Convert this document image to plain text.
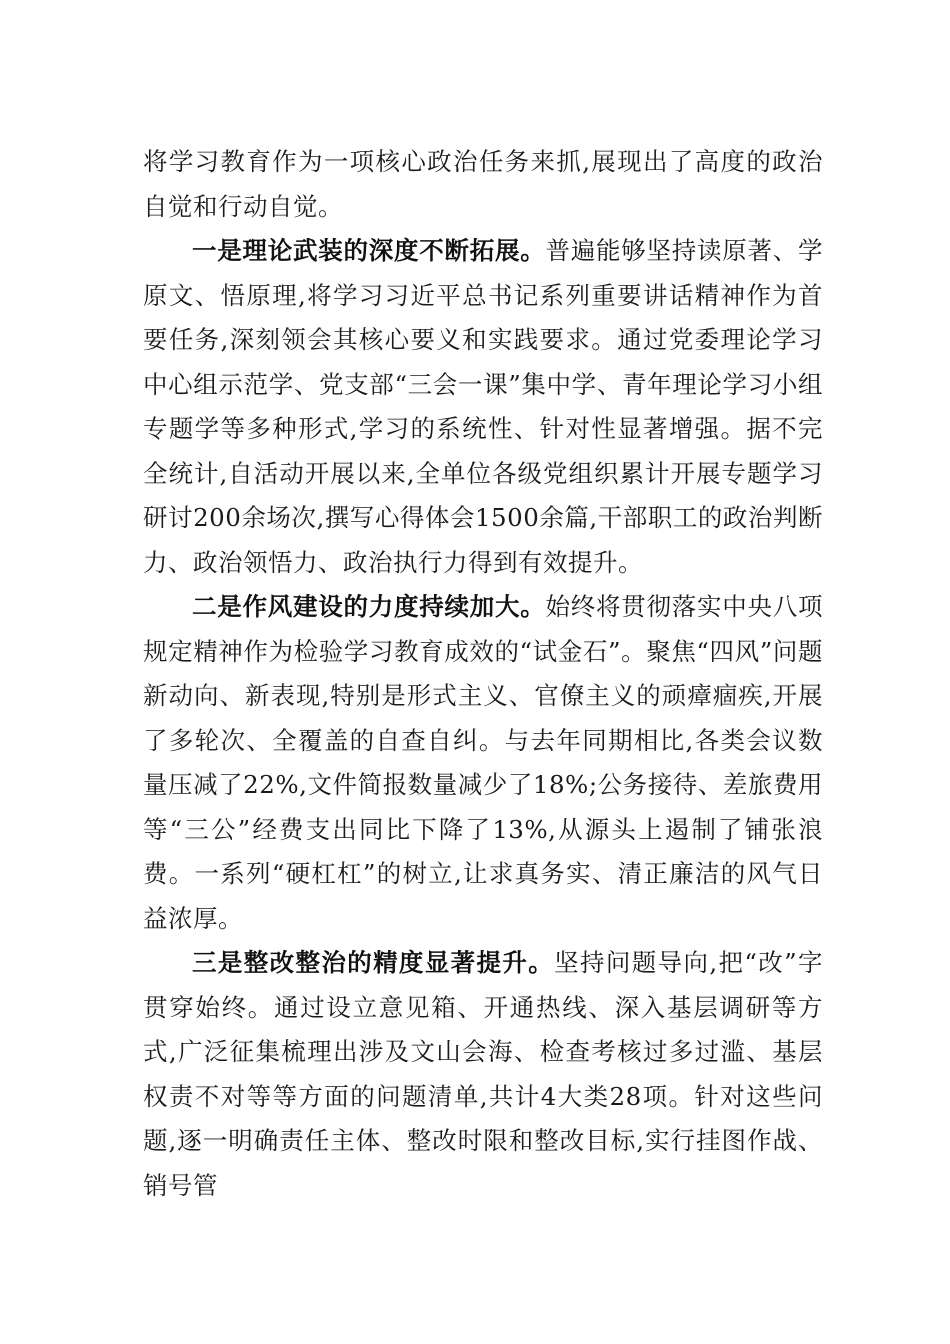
将学习教育作为一项核心政治任务来抓,展现出了高度的政治自觉和行动自觉。

一是理论武装的深度不断拓展。普遍能够坚持读原著、学原文、悟原理,将学习习近平总书记系列重要讲话精神作为首要任务,深刻领会其核心要义和实践要求。通过党委理论学习中心组示范学、党支部“三会一课”集中学、青年理论学习小组专题学等多种形式,学习的系统性、针对性显著增强。据不完全统计,自活动开展以来,全单位各级党组织累计开展专题学习研讨200余场次,撰写心得体会1500余篇,干部职工的政治判断力、政治领悟力、政治执行力得到有效提升。

二是作风建设的力度持续加大。始终将贯彻落实中央八项规定精神作为检验学习教育成效的“试金石”。聚焦“四风”问题新动向、新表现,特别是形式主义、官僚主义的顽瘴痼疾,开展了多轮次、全覆盖的自查自纠。与去年同期相比,各类会议数量压减了22%,文件简报数量减少了18%;公务接待、差旅费用等“三公”经费支出同比下降了13%,从源头上遏制了铺张浪费。一系列“硬杠杠”的树立,让求真务实、清正廉洁的风气日益浓厚。

三是整改整治的精度显著提升。坚持问题导向,把“改”字贯穿始终。通过设立意见箱、开通热线、深入基层调研等方式,广泛征集梳理出涉及文山会海、检查考核过多过滥、基层权责不对等等方面的问题清单,共计4大类28项。针对这些问题,逐一明确责任主体、整改时限和整改目标,实行挂图作战、销号管
